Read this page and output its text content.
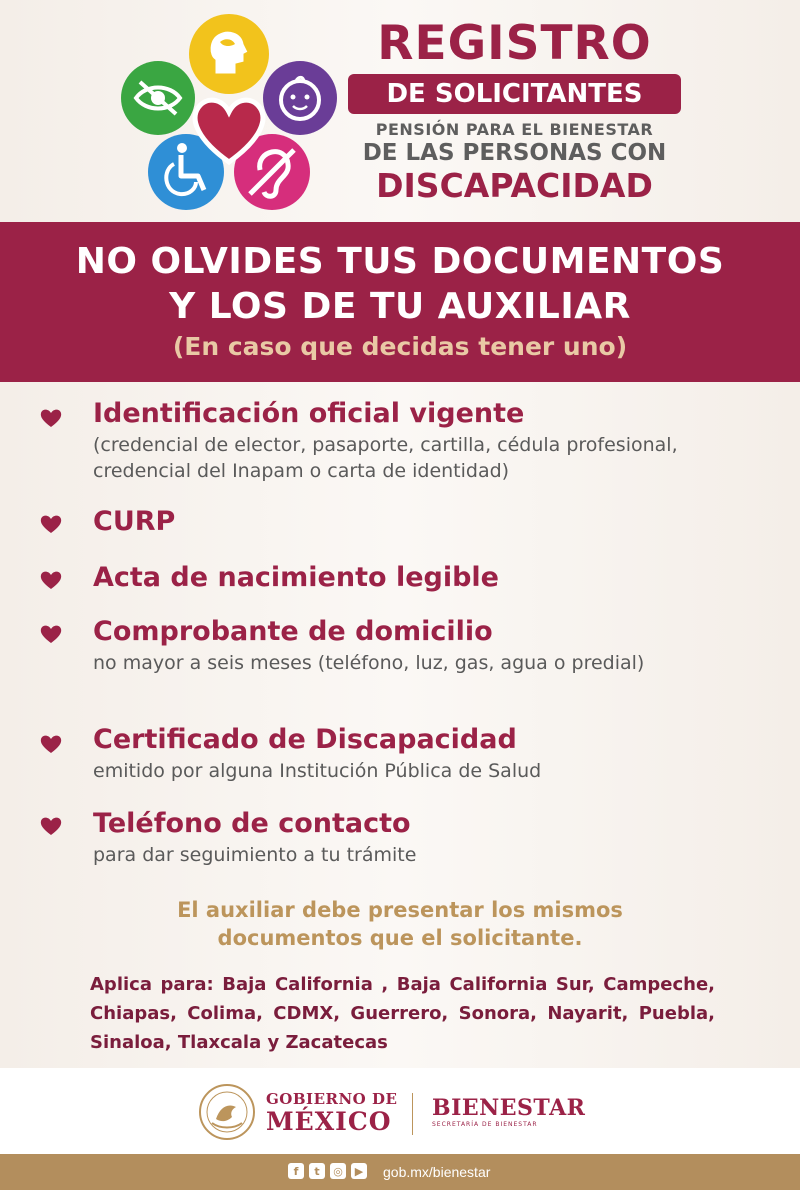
REGISTRO
DE SOLICITANTES
PENSIÓN PARA EL BIENESTAR
DE LAS PERSONAS CON
DISCAPACIDAD
NO OLVIDES TUS DOCUMENTOS
Y LOS DE TU AUXILIAR
(En caso que decidas tener uno)
Identificación oficial vigente
(credencial de elector, pasaporte, cartilla, cédula profesional, credencial del Inapam o carta de identidad)
CURP
Acta de nacimiento legible
Comprobante de domicilio
no mayor a seis meses (teléfono, luz, gas, agua o predial)
Certificado de Discapacidad
emitido por alguna Institución Pública de Salud
Teléfono de contacto
para dar seguimiento a tu trámite
El auxiliar debe presentar los mismos
documentos que el solicitante.
Aplica para: Baja California , Baja California Sur, Campeche, Chiapas, Colima, CDMX, Guerrero, Sonora, Nayarit, Puebla, Sinaloa, Tlaxcala y Zacatecas
GOBIERNO DE
MÉXICO BIENESTAR
SECRETARÍA DE BIENESTAR
f	t	◎	▶ gob.mx/bienestar
